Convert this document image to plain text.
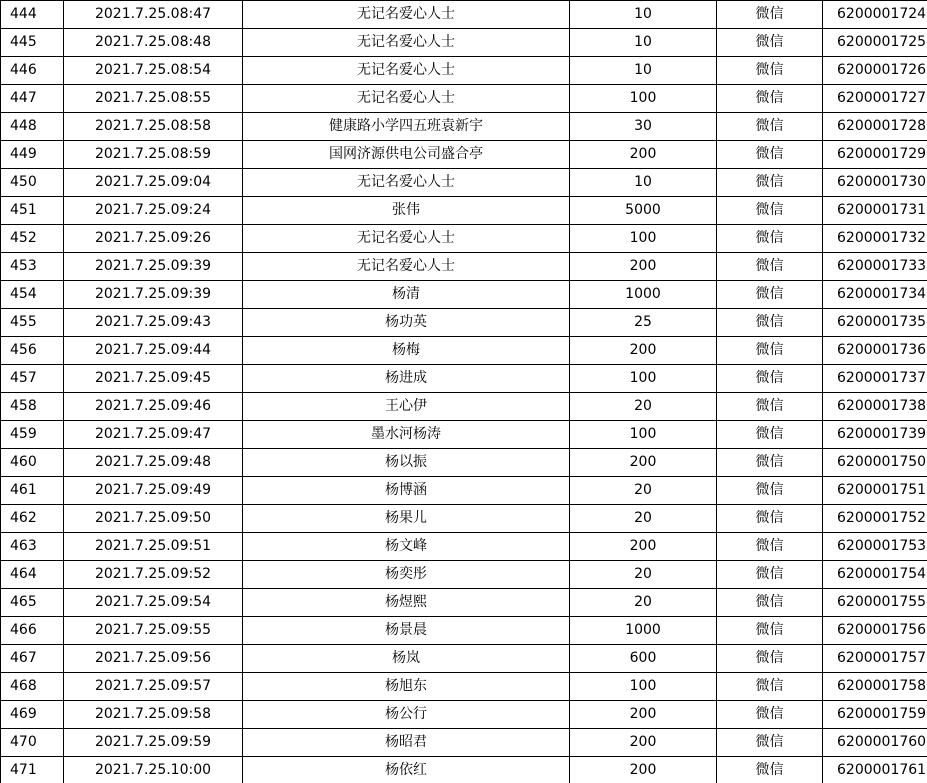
444	2021.7.25.08:47	无记名爱心人士	10	微信	6200001724
445	2021.7.25.08:48	无记名爱心人士	10	微信	6200001725
446	2021.7.25.08:54	无记名爱心人士	10	微信	6200001726
447	2021.7.25.08:55	无记名爱心人士	100	微信	6200001727
448	2021.7.25.08:58	健康路小学四五班袁新宇	30	微信	6200001728
449	2021.7.25.08:59	国网济源供电公司盛合亭	200	微信	6200001729
450	2021.7.25.09:04	无记名爱心人士	10	微信	6200001730
451	2021.7.25.09:24	张伟	5000	微信	6200001731
452	2021.7.25.09:26	无记名爱心人士	100	微信	6200001732
453	2021.7.25.09:39	无记名爱心人士	200	微信	6200001733
454	2021.7.25.09:39	杨清	1000	微信	6200001734
455	2021.7.25.09:43	杨功英	25	微信	6200001735
456	2021.7.25.09:44	杨梅	200	微信	6200001736
457	2021.7.25.09:45	杨进成	100	微信	6200001737
458	2021.7.25.09:46	王心伊	20	微信	6200001738
459	2021.7.25.09:47	墨水河杨涛	100	微信	6200001739
460	2021.7.25.09:48	杨以振	200	微信	6200001750
461	2021.7.25.09:49	杨博涵	20	微信	6200001751
462	2021.7.25.09:50	杨果儿	20	微信	6200001752
463	2021.7.25.09:51	杨文峰	200	微信	6200001753
464	2021.7.25.09:52	杨奕彤	20	微信	6200001754
465	2021.7.25.09:54	杨煜熙	20	微信	6200001755
466	2021.7.25.09:55	杨景晨	1000	微信	6200001756
467	2021.7.25.09:56	杨岚	600	微信	6200001757
468	2021.7.25.09:57	杨旭东	100	微信	6200001758
469	2021.7.25.09:58	杨公行	200	微信	6200001759
470	2021.7.25.09:59	杨昭君	200	微信	6200001760
471	2021.7.25.10:00	杨依红	200	微信	6200001761
